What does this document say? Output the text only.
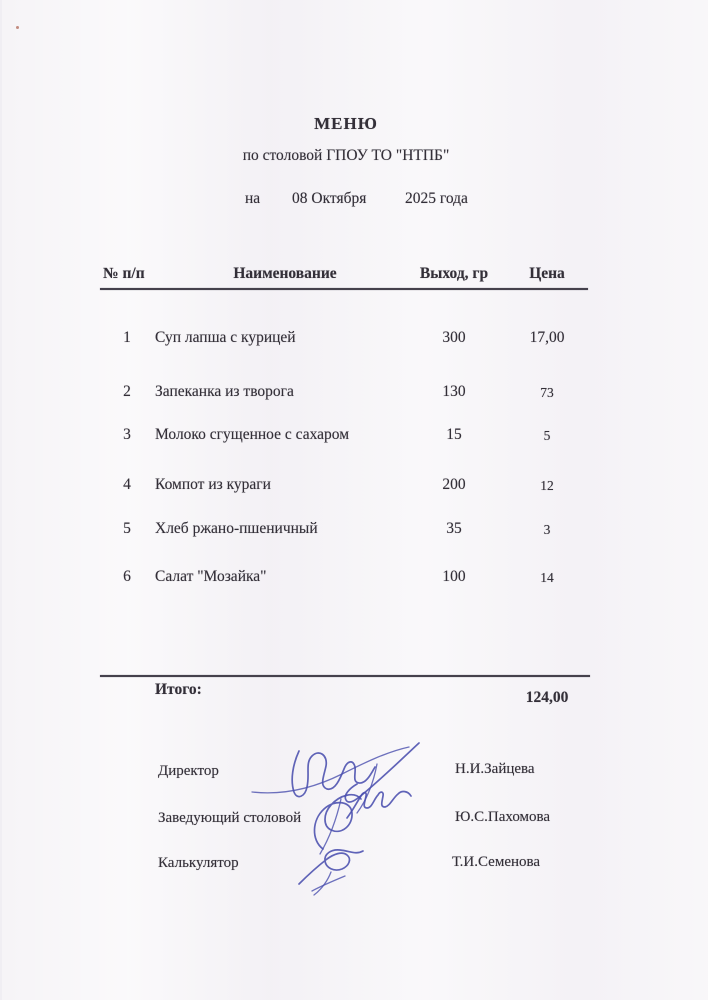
МЕНЮ
по столовой ГПОУ ТО "НТПБ"
на 08 Октября 2025 года
№ п/п	Наименование	Выход, гр	Цена
1	Суп лапша с курицей	300	17,00
2	Запеканка из творога	130	73
3	Молоко сгущенное с сахаром	15	5
4	Компот из кураги	200	12
5	Хлеб ржано-пшеничный	35	3
6	Салат "Мозайка"	100	14
Итого:	124,00
Директор	Н.И.Зайцева
Заведующий столовой	Ю.С.Пахомова
Калькулятор	Т.И.Семенова
